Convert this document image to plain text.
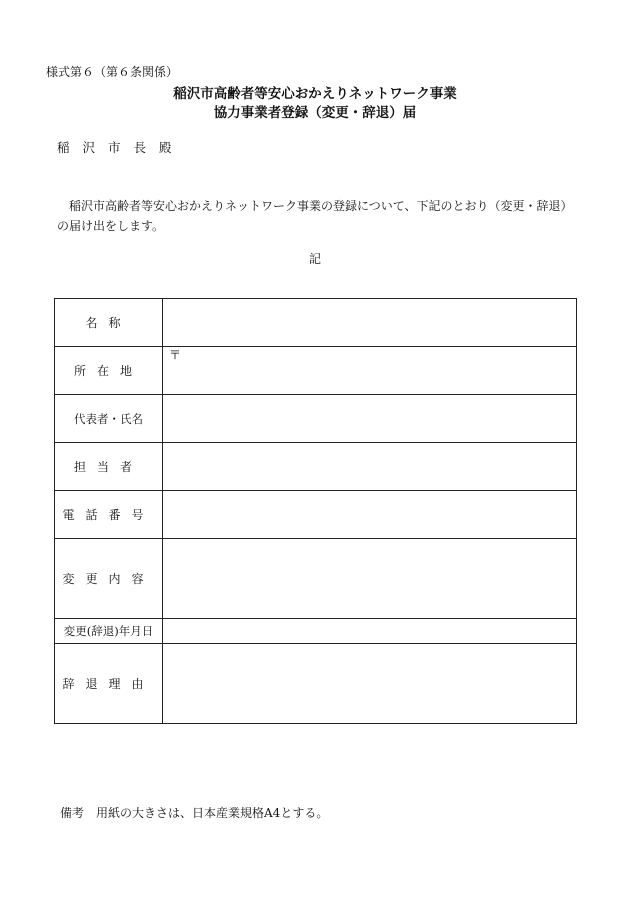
様式第６（第６条関係）
稲沢市高齢者等安心おかえりネットワーク事業
協力事業者登録（変更・辞退）届
稲沢市長殿

稲沢市高齢者等安心おかえりネットワーク事業の登録について、下記のとおり（変更・辞退）の届け出をします。

記
名称	
所在地	〒
代表者・氏名	
担当者	
電話番号	
変更内容	
変更(辞退)年月日	
辞退理由	
備考 用紙の大きさは、日本産業規格A4とする。
